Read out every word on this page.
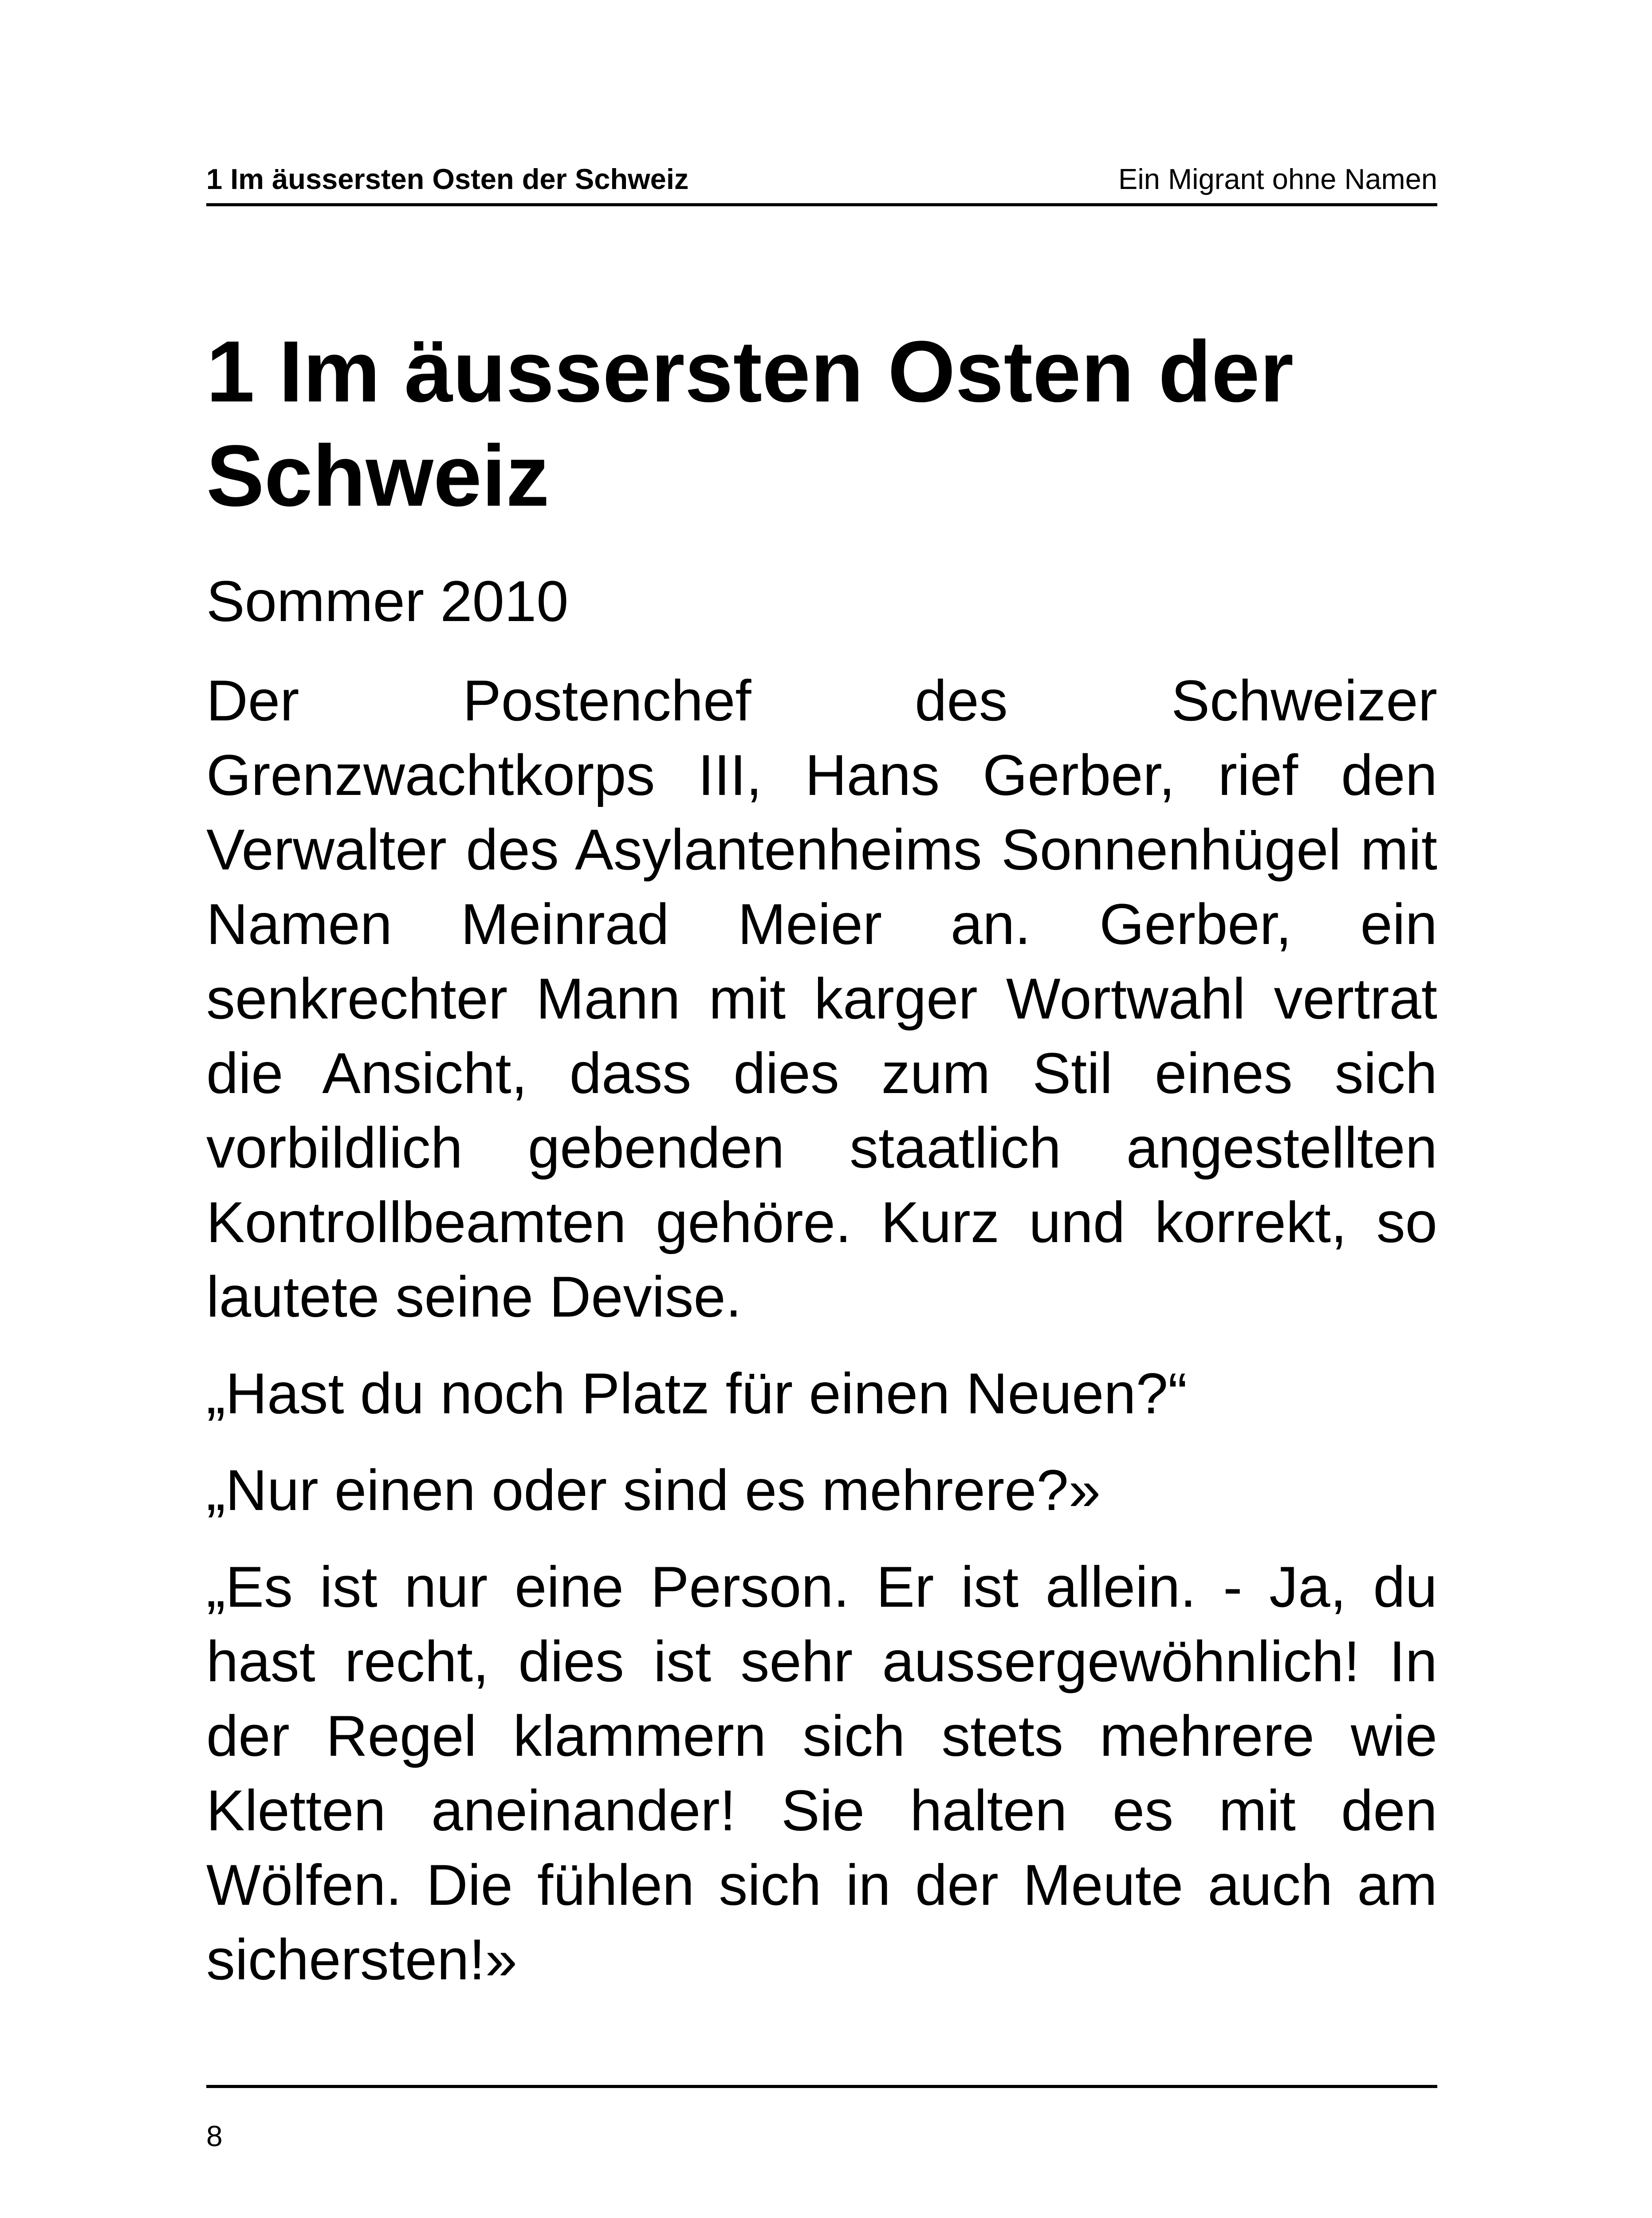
1 Im äussersten Osten der Schweiz	Ein Migrant ohne Namen
1 Im äussersten Osten der Schweiz

Sommer 2010

Der Postenchef des Schweizer Grenzwachtkorps III, Hans Gerber, rief den Verwalter des Asylantenheims Sonnenhügel mit Namen Meinrad Meier an. Gerber, ein senkrechter Mann mit karger Wortwahl vertrat die Ansicht, dass dies zum Stil eines sich vorbildlich gebenden staatlich angestellten Kontrollbeamten gehöre. Kurz und korrekt, so lautete seine Devise.

„Hast du noch Platz für einen Neuen?“

„Nur einen oder sind es mehrere?»

„Es ist nur eine Person. Er ist allein. - Ja, du hast recht, dies ist sehr aussergewöhnlich! In der Regel klammern sich stets mehrere wie Kletten aneinander! Sie halten es mit den Wölfen. Die fühlen sich in der Meute auch am sichersten!»

8
